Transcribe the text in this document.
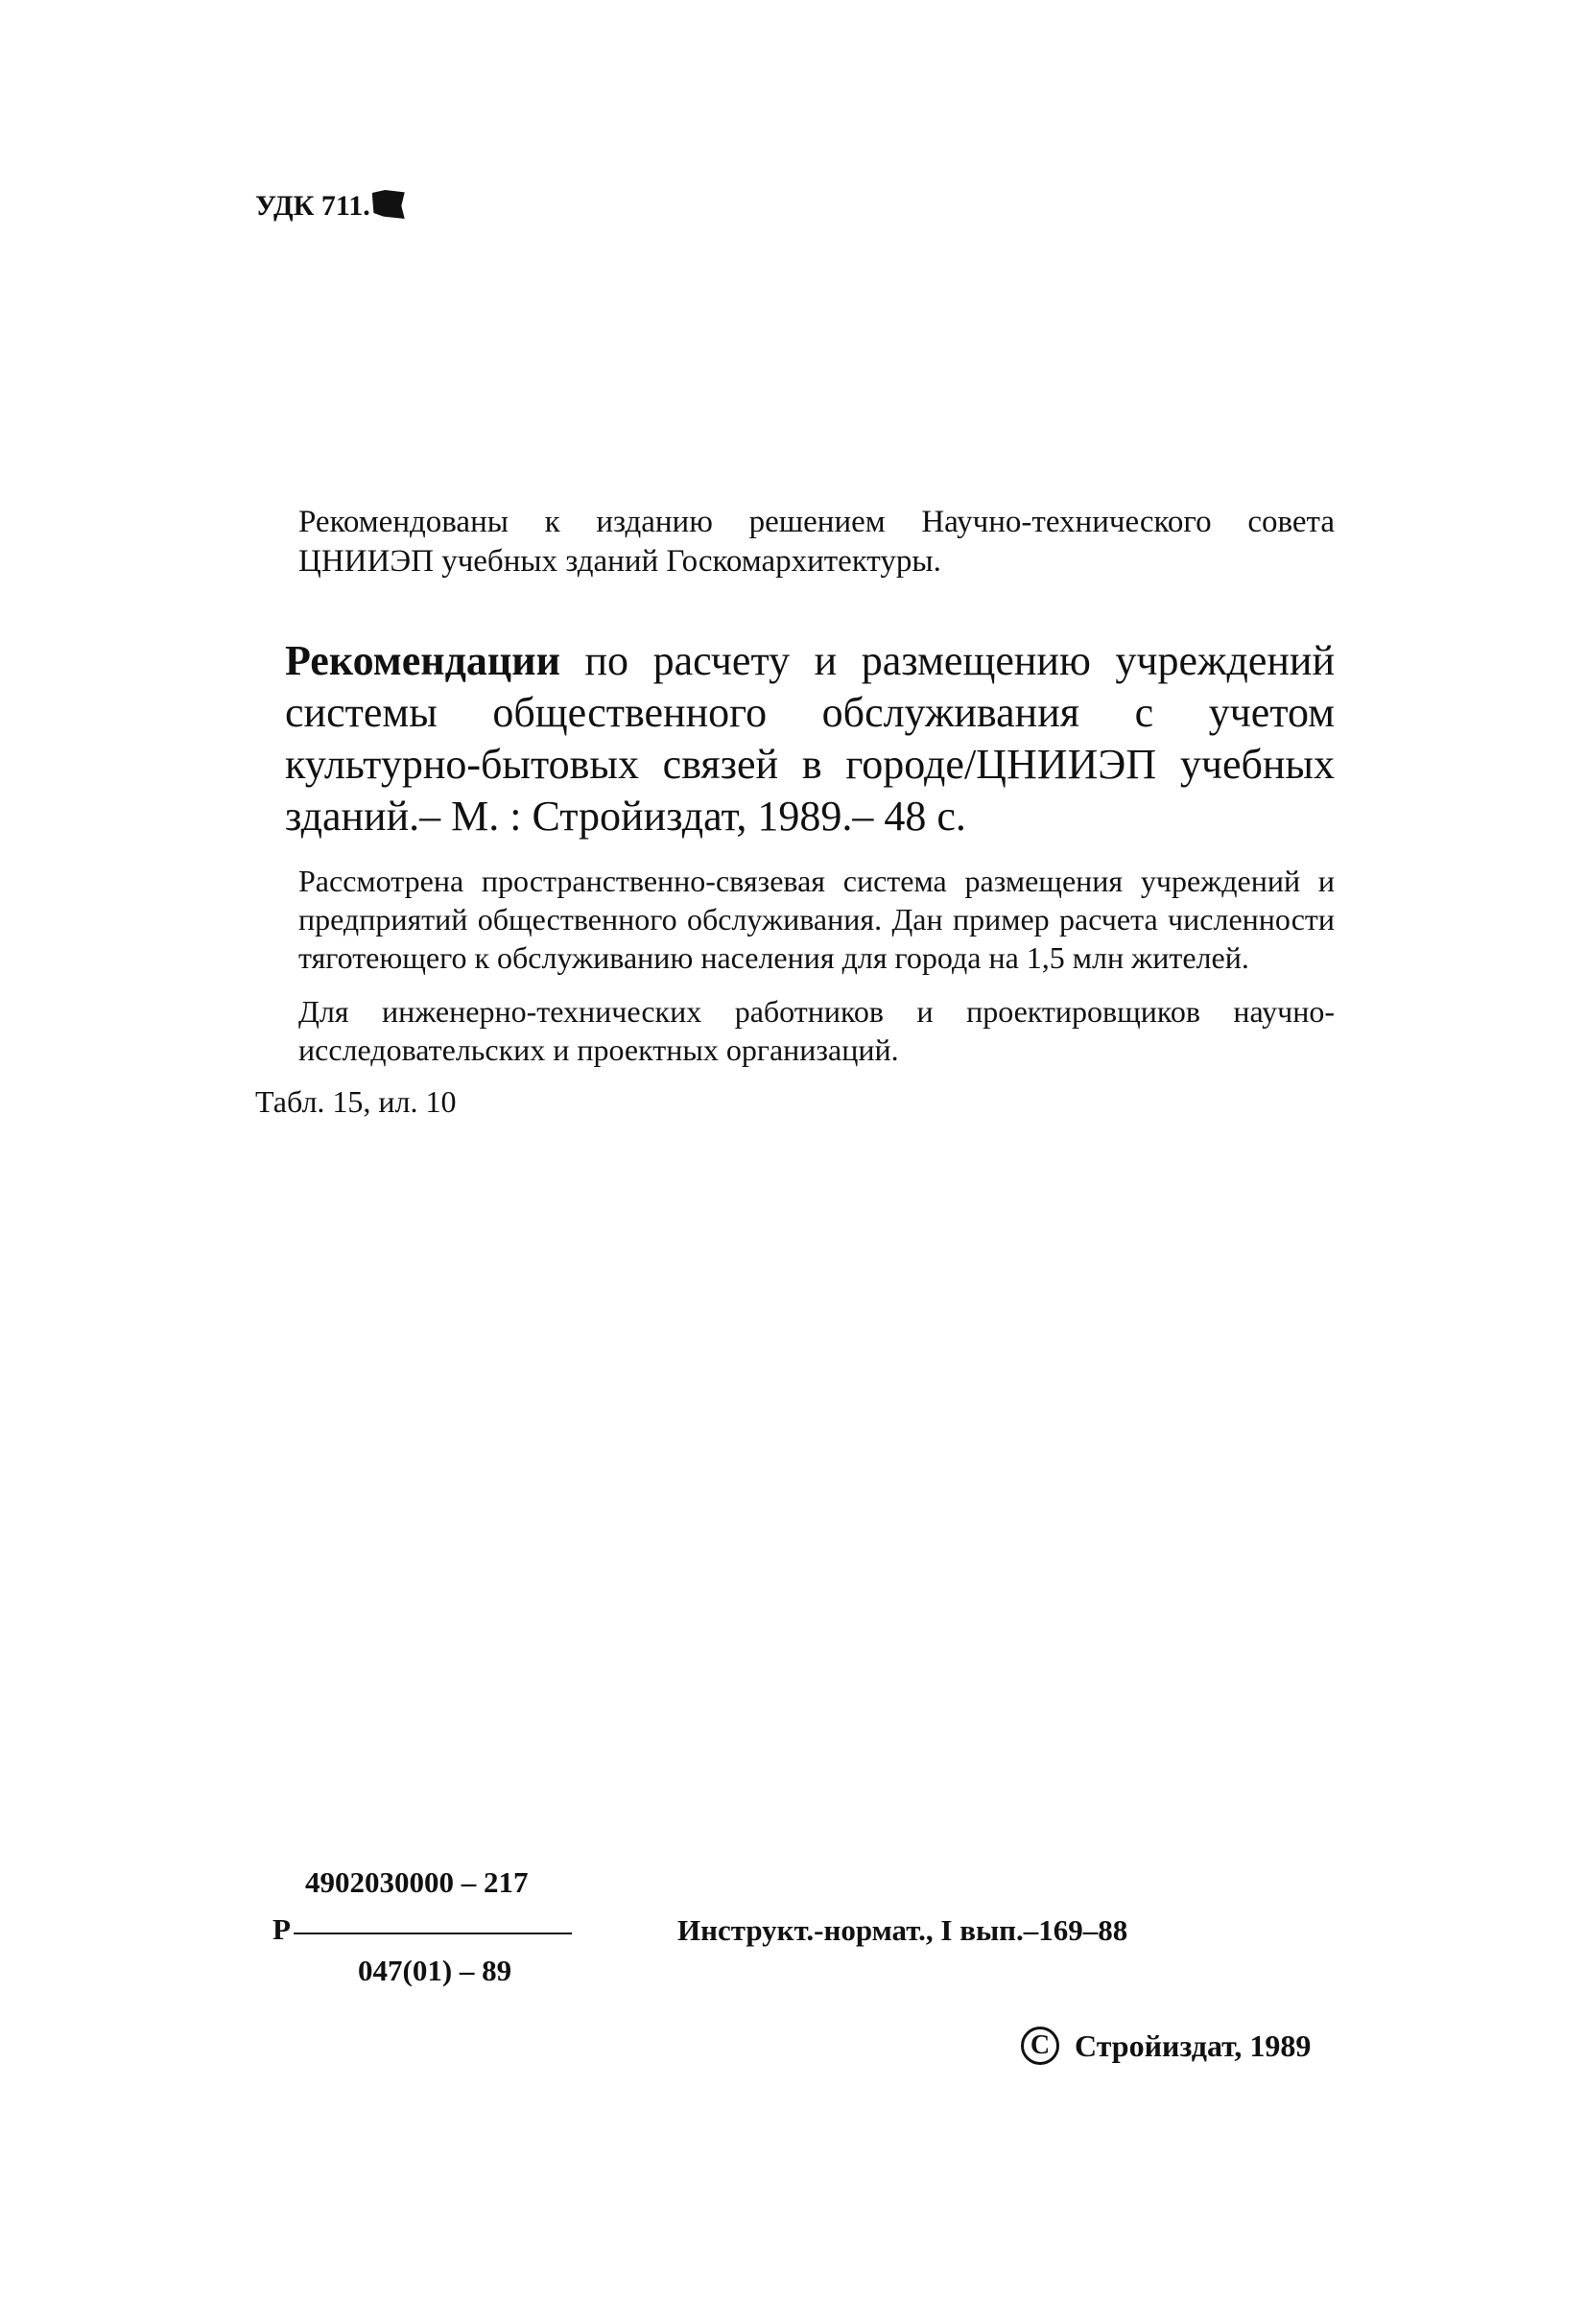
УДК 711.
Рекомендованы к изданию решением Научно-технического совета ЦНИИЭП учебных зданий Госкомархитектуры.
Рекомендации по расчету и размещению учреждений системы общественного обслуживания с учетом культурно-бытовых связей в городе/ЦНИИЭП учебных зданий.– М. : Стройиздат, 1989.– 48 с.
Рассмотрена пространственно-связевая система размещения учреждений и предприятий общественного обслуживания. Дан пример расчета численности тяготеющего к обслуживанию населения для города на 1,5 млн жителей.
Для инженерно-технических работников и проектировщиков научно-исследовательских и проектных организаций.
Табл. 15, ил. 10
4902030000 – 217
Р
047(01) – 89
Инструкт.-нормат., I вып.–169–88
C Стройиздат, 1989
